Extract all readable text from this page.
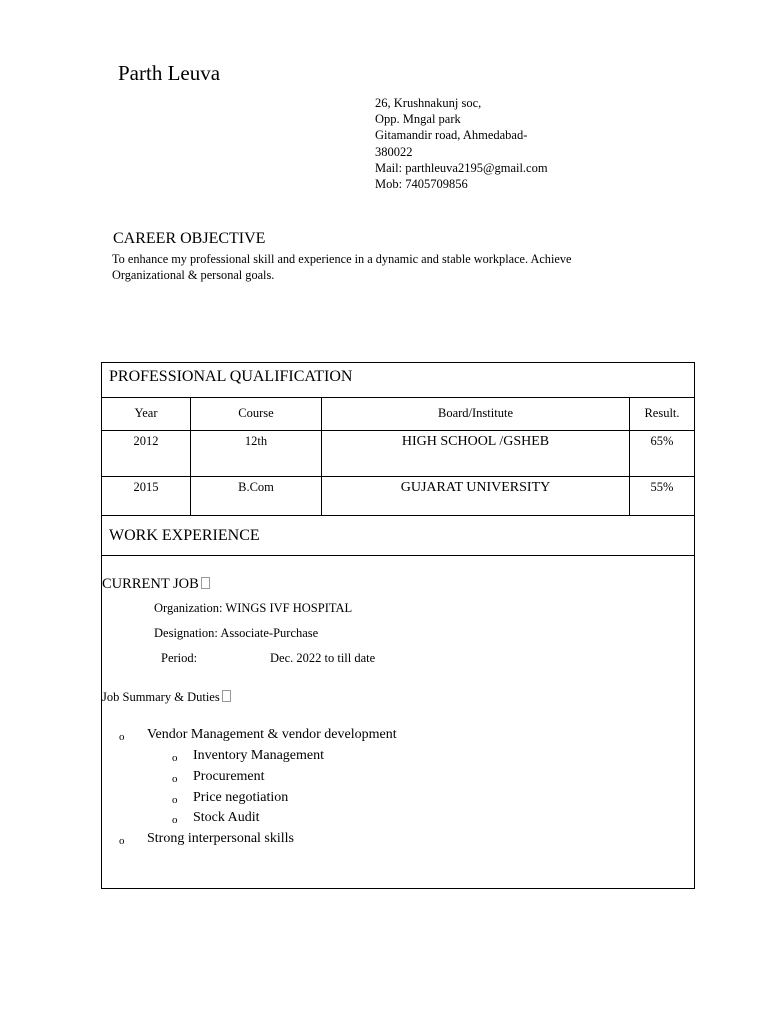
Parth Leuva
26, Krushnakunj soc,
Opp. Mngal park
Gitamandir road, Ahmedabad-
380022
Mail: parthleuva2195@gmail.com
Mob: 7405709856
CAREER OBJECTIVE
To enhance my professional skill and experience in a dynamic and stable workplace. Achieve Organizational & personal goals.
PROFESSIONAL QUALIFICATION
Year	Course	Board/Institute	Result.
2012	12th	HIGH SCHOOL /GSHEB	65%
2015	B.Com	GUJARAT UNIVERSITY	55%
WORK EXPERIENCE
CURRENT JOB
Organization: WINGS IVF HOSPITAL
Designation: Associate-Purchase
Period:	Dec. 2022 to till date
Job Summary & Duties
o Vendor Management & vendor development
o Inventory Management
o Procurement
o Price negotiation
o Stock Audit
o Strong interpersonal skills
